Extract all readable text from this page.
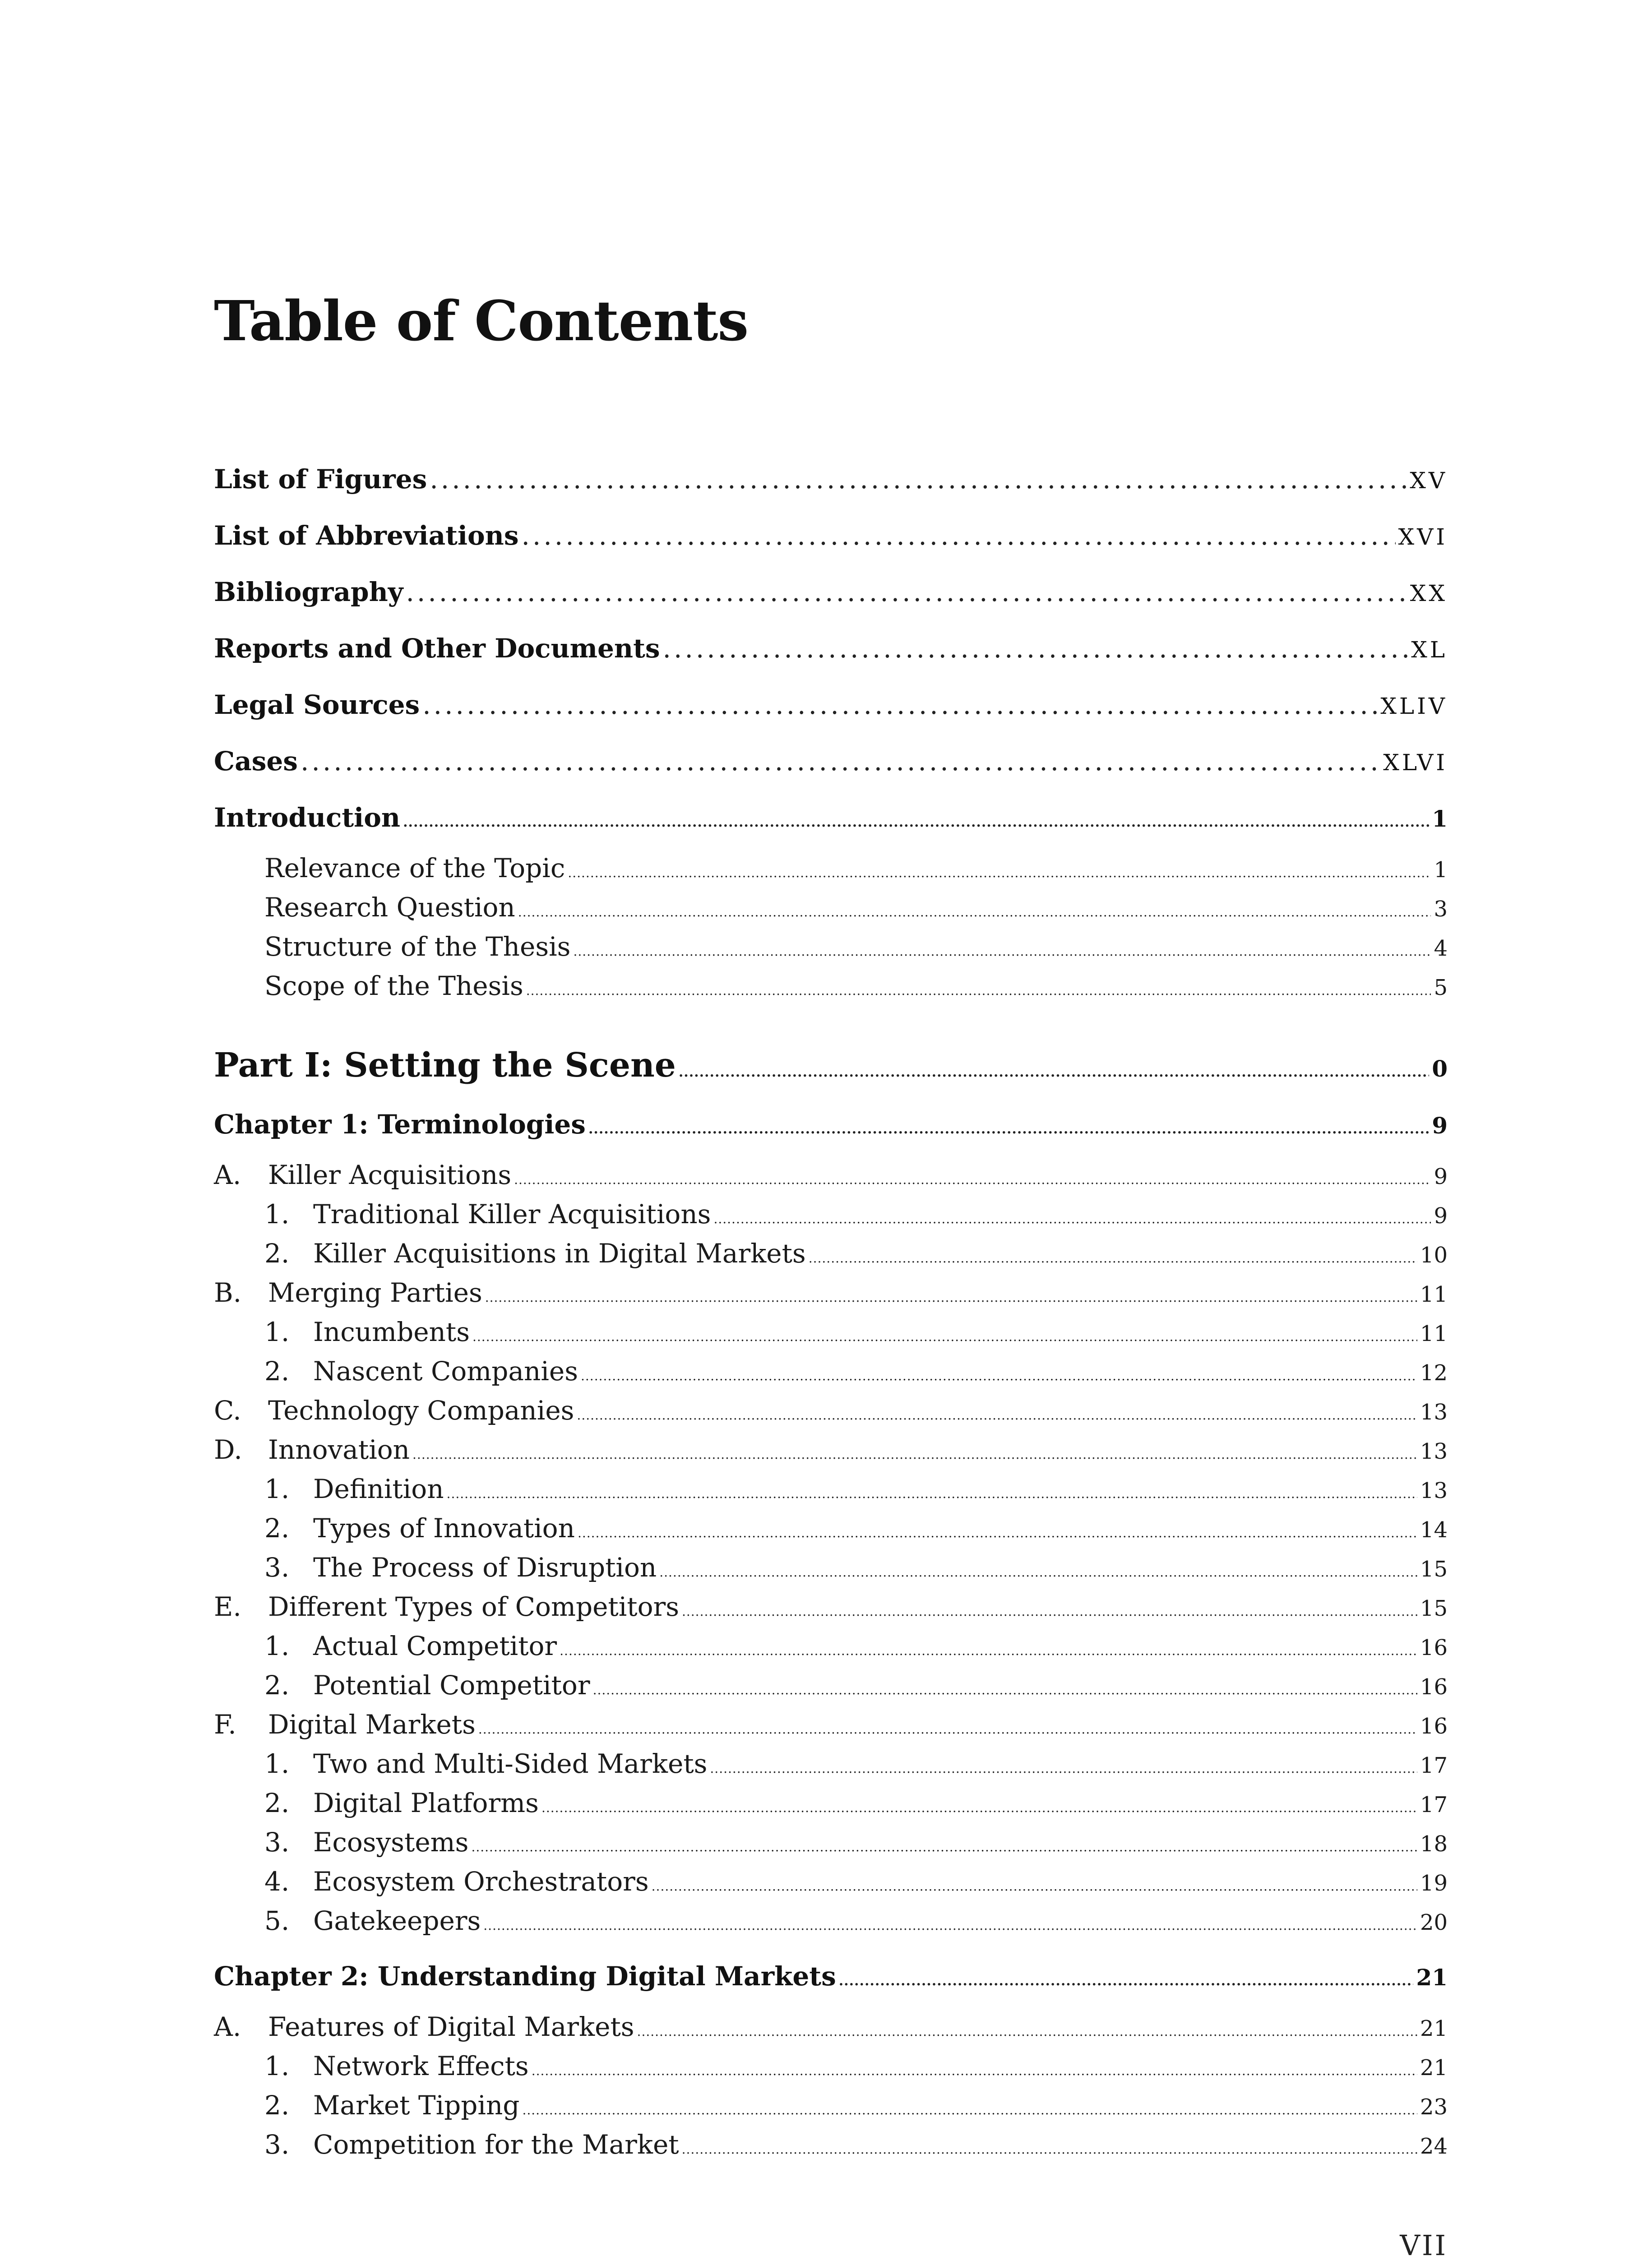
Table of Contents
List of Figures .....	XV
List of Abbreviations .....	XVI
Bibliography .....	XX
Reports and Other Documents .....	XL
Legal Sources .....	XLIV
Cases .....	XLVI
Introduction .....	1
Relevance of the Topic .....	1
Research Question .....	3
Structure of the Thesis .....	4
Scope of the Thesis .....	5
Part I: Setting the Scene .....	0
Chapter 1: Terminologies .....	9
A.	Killer Acquisitions .....	9
1. Traditional Killer Acquisitions .....	9
2. Killer Acquisitions in Digital Markets .....	10
B.	Merging Parties .....	11
1. Incumbents .....	11
2. Nascent Companies .....	12
C.	Technology Companies .....	13
D. Innovation .....	13
1. Definition .....	13
2. Types of Innovation .....	14
3. The Process of Disruption .....	15
E.	Different Types of Competitors .....	15
1. Actual Competitor .....	16
2. Potential Competitor .....	16
F.	Digital Markets .....	16
1. Two and Multi-Sided Markets .....	17
2. Digital Platforms .....	17
3. Ecosystems .....	18
4. Ecosystem Orchestrators .....	19
5. Gatekeepers .....	20
Chapter 2: Understanding Digital Markets .....	21
A.	Features of Digital Markets .....	21
1. Network Effects .....	21
2. Market Tipping .....	23
3. Competition for the Market .....	24
VII
